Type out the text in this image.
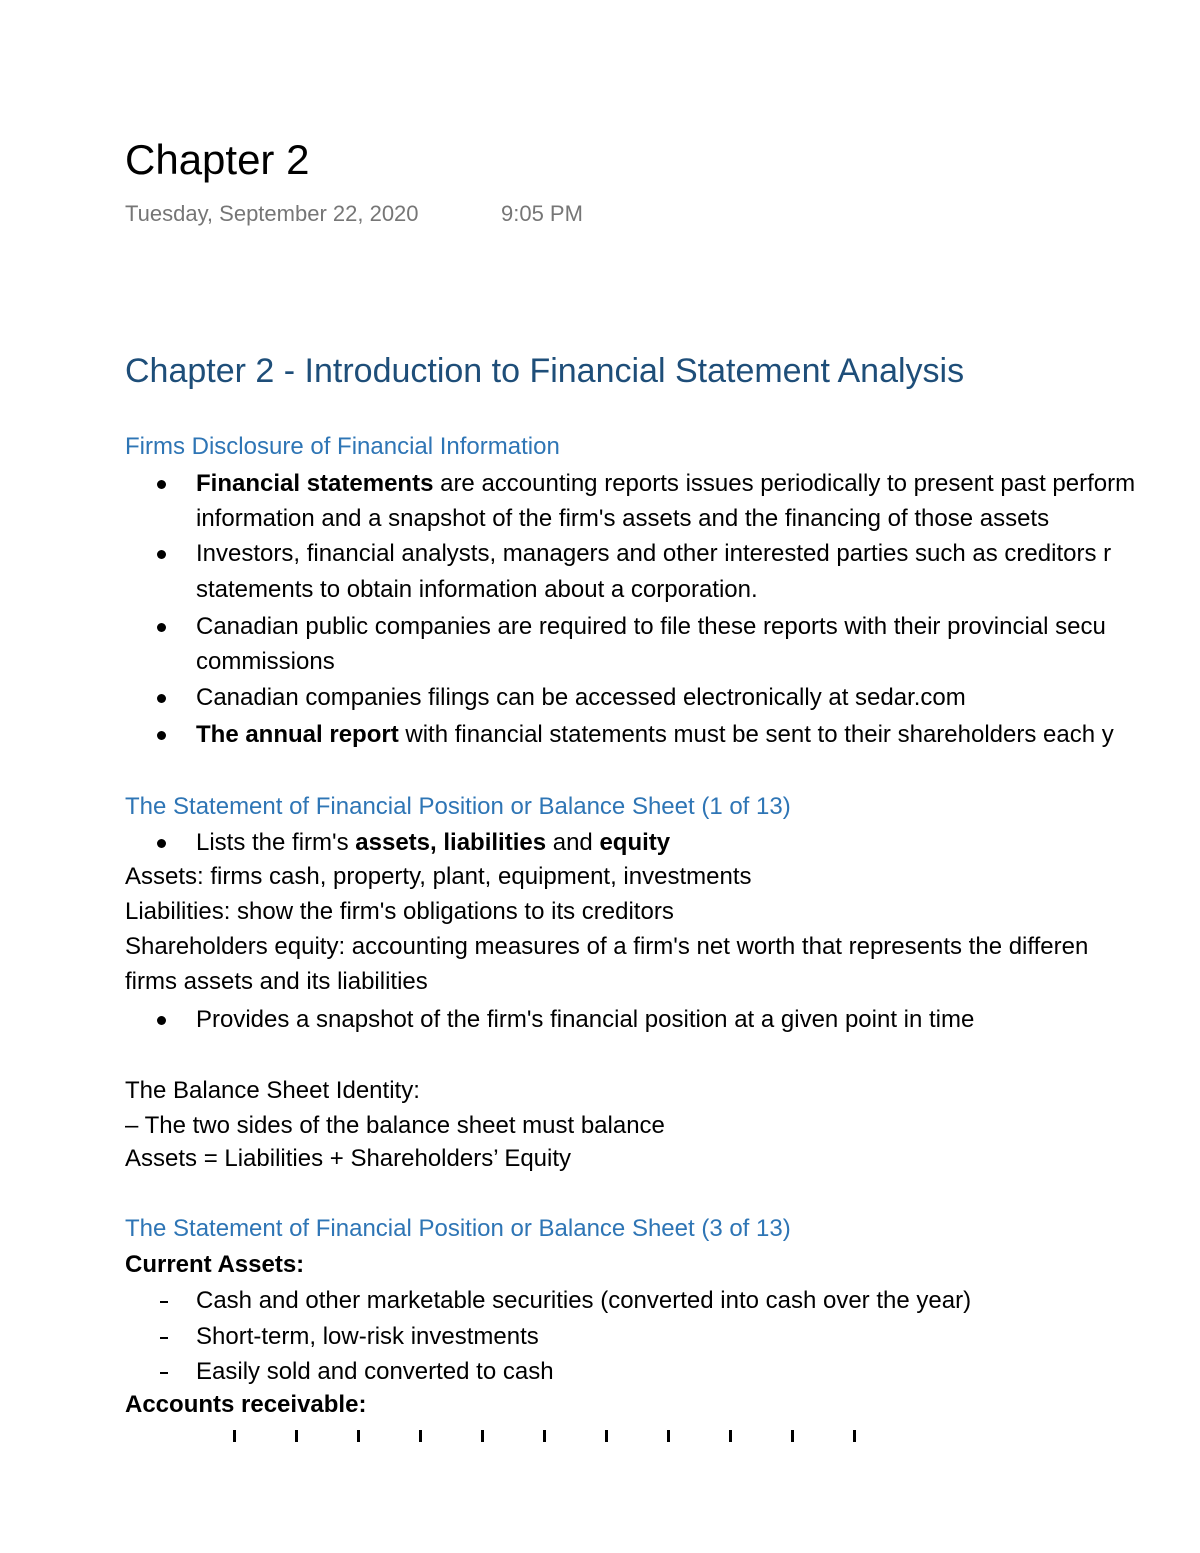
Chapter 2
Tuesday, September 22, 2020	9:05 PM
Chapter 2 - Introduction to Financial Statement Analysis
Firms Disclosure of Financial Information
Financial statements are accounting reports issues periodically to present past perform
information and a snapshot of the firm's assets and the financing of those assets
Investors, financial analysts, managers and other interested parties such as creditors r
statements to obtain information about a corporation.
Canadian public companies are required to file these reports with their provincial secu
commissions
Canadian companies filings can be accessed electronically at sedar.com
The annual report with financial statements must be sent to their shareholders each y
The Statement of Financial Position or Balance Sheet (1 of 13)
Lists the firm's assets, liabilities and equity
Assets: firms cash, property, plant, equipment, investments
Liabilities: show the firm's obligations to its creditors
Shareholders equity: accounting measures of a firm's net worth that represents the differen
firms assets and its liabilities
Provides a snapshot of the firm's financial position at a given point in time
The Balance Sheet Identity:
– The two sides of the balance sheet must balance
Assets = Liabilities + Shareholders’ Equity
The Statement of Financial Position or Balance Sheet (3 of 13)
Current Assets:
Cash and other marketable securities (converted into cash over the year)
Short-term, low-risk investments
Easily sold and converted to cash
Accounts receivable:
